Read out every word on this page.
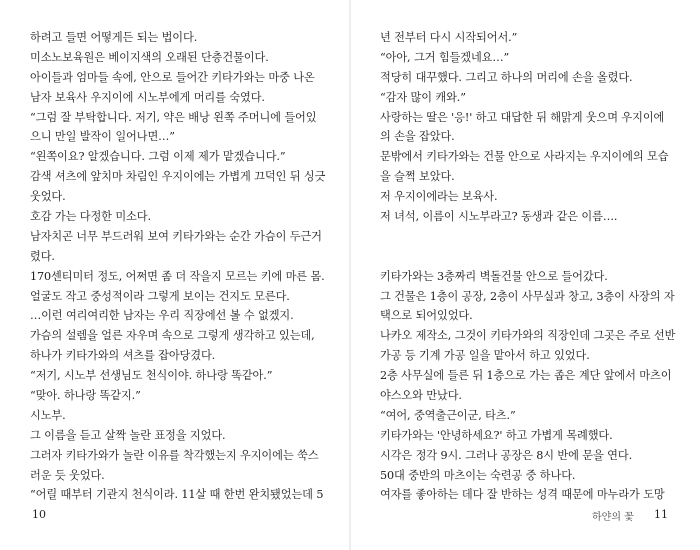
하려고 들면 어떻게든 되는 법이다.
미소노보육원은 베이지색의 오래된 단층건물이다.
아이들과 엄마들 속에, 안으로 들어간 키타가와는 마중 나온
남자 보육사 우지이에 시노부에게 머리를 숙였다.
“그럼 잘 부탁합니다. 저기, 약은 배낭 왼쪽 주머니에 들어있
으니 만일 발작이 일어나면…”
“왼쪽이요? 알겠습니다. 그럼 이제 제가 맡겠습니다.”
감색 셔츠에 앞치마 차림인 우지이에는 가볍게 끄덕인 뒤 싱긋
웃었다.
호감 가는 다정한 미소다.
남자치곤 너무 부드러워 보여 키타가와는 순간 가슴이 두근거
렸다.
170센티미터 정도, 어쩌면 좀 더 작을지 모르는 키에 마른 몸.
얼굴도 작고 중성적이라 그렇게 보이는 건지도 모른다.
…이런 여리여리한 남자는 우리 직장에선 볼 수 없겠지.
가슴의 설렘을 얼른 자우며 속으로 그렇게 생각하고 있는데,
하나가 키타가와의 셔츠를 잡아당겼다.
“저기, 시노부 선생님도 천식이야. 하나랑 똑같아.”
“맞아. 하나랑 똑같지.”
시노부.
그 이름을 듣고 살짝 놀란 표정을 지었다.
그러자 키타가와가 놀란 이유를 착각했는지 우지이에는 쑥스
러운 듯 웃었다.
“어릴 때부터 기관지 천식이라. 11살 때 한번 완치됐었는데 5
년 전부터 다시 시작되어서.”
“아아, 그거 힘들겠네요…”
적당히 대꾸했다. 그리고 하나의 머리에 손을 올렸다.
“감자 많이 캐와.”
사랑하는 딸은 '응!' 하고 대답한 뒤 해맑게 웃으며 우지이에
의 손을 잡았다.
문밖에서 키타가와는 건물 안으로 사라지는 우지이에의 모습
을 슬쩍 보았다.
저 우지이에라는 보육사.
저 녀석, 이름이 시노부라고? 동생과 같은 이름….
키타가와는 3층짜리 벽돌건물 안으로 들어갔다.
그 건물은 1층이 공장, 2층이 사무실과 창고, 3층이 사장의 자
택으로 되어있었다.
나카오 제작소, 그것이 키타가와의 직장인데 그곳은 주로 선반
가공 등 기계 가공 일을 맡아서 하고 있었다.
2층 사무실에 들른 뒤 1층으로 가는 좁은 계단 앞에서 마츠이
야스오와 만났다.
“여어, 중역출근이군, 타츠.”
키타가와는 '안녕하세요?' 하고 가볍게 목례했다.
시각은 정각 9시. 그러나 공장은 8시 반에 문을 연다.
50대 중반의 마츠이는 숙련공 중 하나다.
여자를 좋아하는 데다 잘 반하는 성격 때문에 마누라가 도망
10	하얀의 꽃 11
